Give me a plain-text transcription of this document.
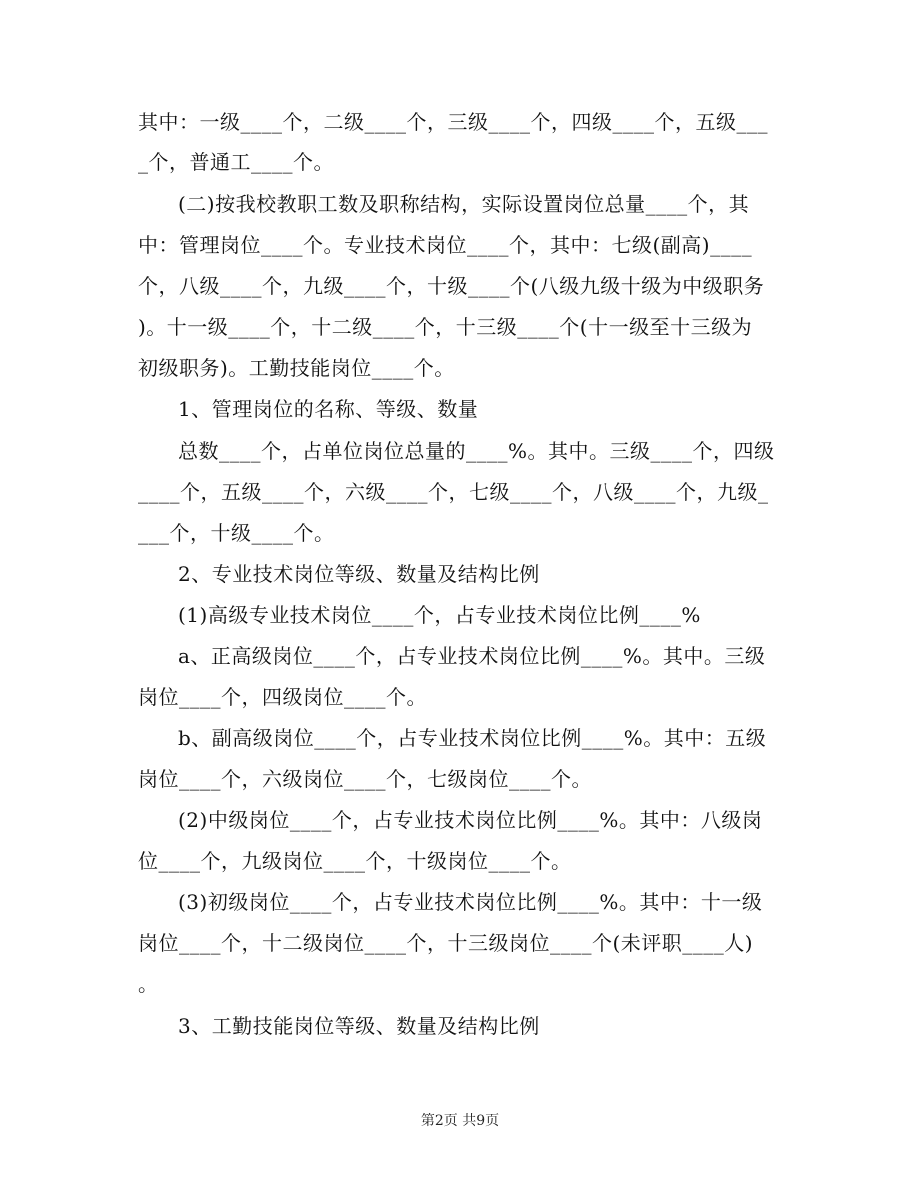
其中：一级____个，二级____个，三级____个，四级____个，五级___
_个，普通工____个。
(二)按我校教职工数及职称结构，实际设置岗位总量____个，其
中：管理岗位____个。专业技术岗位____个，其中：七级(副高)____
个，八级____个，九级____个，十级____个(八级九级十级为中级职务
)。十一级____个，十二级____个，十三级____个(十一级至十三级为
初级职务)。工勤技能岗位____个。
1、管理岗位的名称、等级、数量
总数____个，占单位岗位总量的____%。其中。三级____个，四级
____个，五级____个，六级____个，七级____个，八级____个，九级_
___个，十级____个。
2、专业技术岗位等级、数量及结构比例
(1)高级专业技术岗位____个，占专业技术岗位比例____%
a、正高级岗位____个，占专业技术岗位比例____%。其中。三级
岗位____个，四级岗位____个。
b、副高级岗位____个，占专业技术岗位比例____%。其中：五级
岗位____个，六级岗位____个，七级岗位____个。
(2)中级岗位____个，占专业技术岗位比例____%。其中：八级岗
位____个，九级岗位____个，十级岗位____个。
(3)初级岗位____个，占专业技术岗位比例____%。其中：十一级
岗位____个，十二级岗位____个，十三级岗位____个(未评职____人)
。
3、工勤技能岗位等级、数量及结构比例
第2页 共9页
